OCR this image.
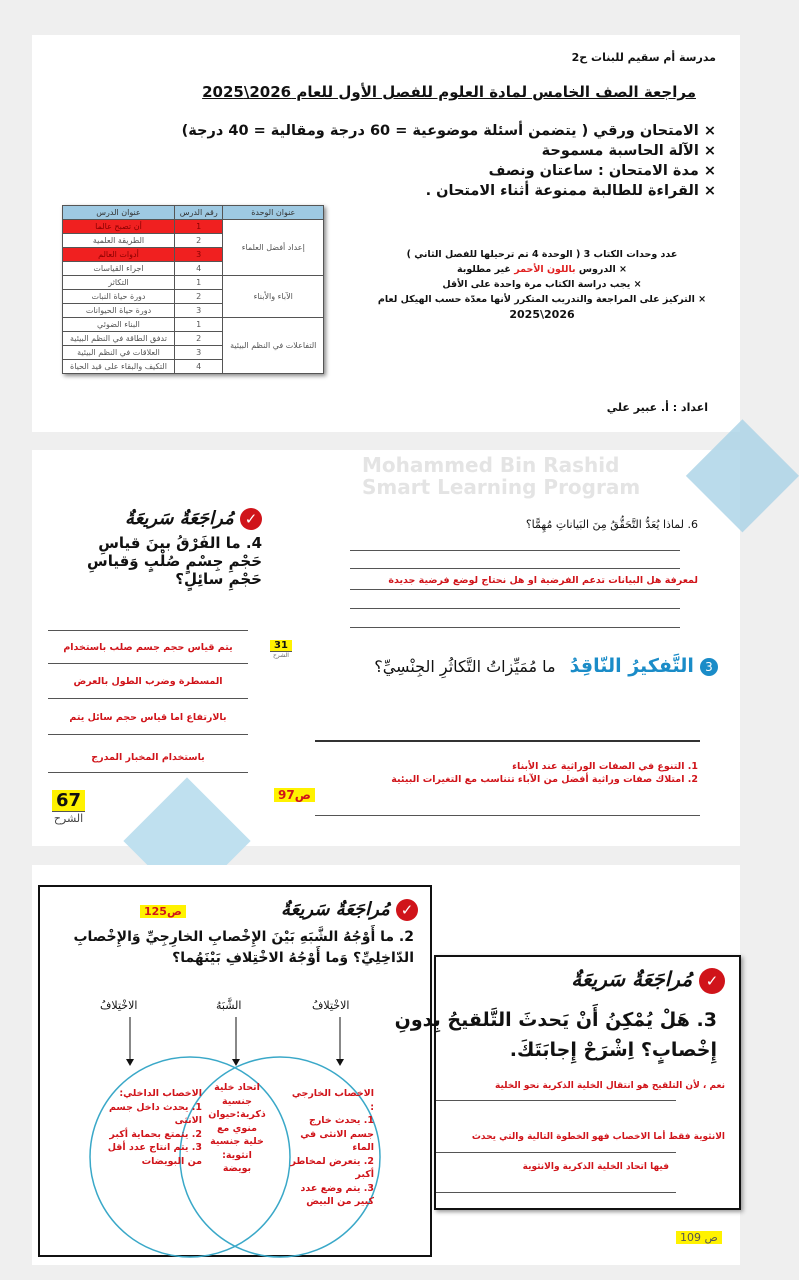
مدرسة أم سقيم للبنات ح2
مراجعة الصف الخامس لمادة العلوم للفصل الأول للعام 2026\2025
× الامتحان ورقي ( يتضمن أسئلة موضوعية = 60 درجة ومقالية = 40 درجة)
× الآلة الحاسبة مسموحة
× مدة الامتحان : ساعتان ونصف
× القراءة للطالبة ممنوعة أثناء الامتحان .
عنوان الوحدة	رقم الدرس	عنوان الدرس
إعداد أفضل العلماء	1	أن تصبح عالما
	2	الطريقة العلمية
	3	أدوات العالم
	4	اجراء القياسات
الآباء والأبناء	1	التكاثر
	2	دورة حياة النبات
	3	دورة حياة الحيوانات
التفاعلات في النظم البيئية	1	البناء الضوئي
	2	تدفق الطاقة في النظم البيئية
	3	العلاقات في النظم البيئية
	4	التكيف والبقاء على قيد الحياة
عدد وحدات الكتاب 3 ( الوحدة 4 تم ترحيلها للفصل الثاني )
× الدروس باللون الأحمر غير مطلوبة
× يجب دراسة الكتاب مرة واحدة على الأقل
× التركيز على المراجعة والتدريب المتكرر لأنها معدّة حسب الهيكل لعام
2026\2025
اعداد : أ. عبير علي
Mohammed Bin Rashid Smart Learning Program
✓ مُراجَعَةٌ سَريعَةٌ
4. ما الفَرْقُ بينَ قياسِ حَجْمِ جِسْمٍ صُلْبٍ وَقياسِ حَجْمِ سائِلٍ؟
يتم قياس حجم جسم صلب باستخدام
المسطرة وضرب الطول بالعرض
بالارتفاع اما قياس حجم سائل يتم
باستخدام المخبار المدرج
31
الشرح
67
الشرح
ص97
6. لماذا يُعَدُّ التَّحَقُّقُ مِنَ البَياناتِ مُهِمًّا؟
لمعرفة هل البيانات تدعم الفرضية او هل نحتاج لوضع فرضية جديدة
3 التَّفكيرُ النّاقِدُ ما مُمَيِّزاتُ التَّكاثُرِ الجِنْسِيِّ؟
1. التنوع في الصفات الوراثية عند الأبناء
2. امتلاك صفات وراثية أفضل من الآباء تتناسب مع التغيرات البيئية
ص125	✓ مُراجَعَةٌ سَريعَةٌ
2. ما أَوْجُهُ الشَّبَهِ بَيْنَ الإِخْصابِ الخارِجِيِّ وَالإِخْصابِ الدّاخِلِيِّ؟ وَما أَوْجُهُ الاخْتِلافِ بَيْنَهُما؟
الاخْتِلافُ	الشَّبَهُ	الاخْتِلافُ
الاخصاب الخارجي :
1. يحدث خارج جسم الانثى في الماء
2. يتعرض لمخاطر أكبر
3. يتم وضع عدد كبير من البيض
اتحاد خلية جنسية ذكرية:حيوان منوي مع خلية جنسية انثوية: بويضة
الاخصاب الداخلي:
1. يحدث داخل جسم الانثى
2. يتمتع بحماية أكبر
3. يتم انتاج عدد أقل من البويضات
✓ مُراجَعَةٌ سَريعَةٌ
3. هَلْ يُمْكِنُ أَنْ يَحدثَ التَّلقيحُ بِدونِ إِخْصابٍ؟ اِشْرَحْ إِجابَتَكَ.
نعم ، لأن التلقيح هو انتقال الخلية الذكرية نحو الخلية
الانثوية فقط أما الاخصاب فهو الخطوة التالية والتي يحدث
فيها اتحاد الخلية الذكرية والانثوية
ص 109
